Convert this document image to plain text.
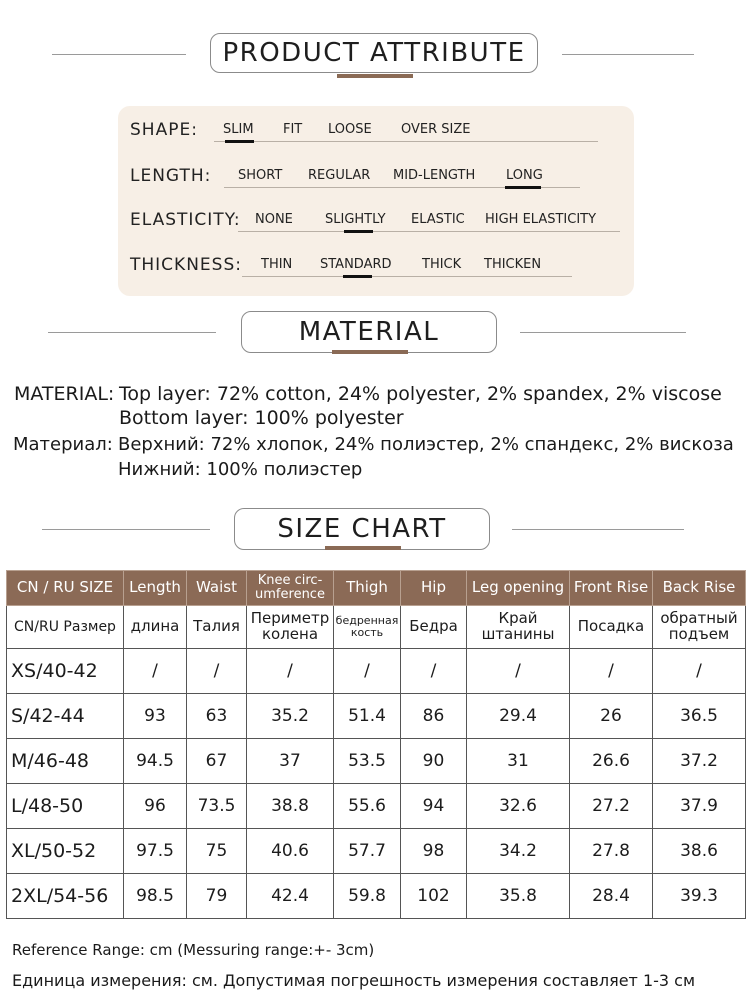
PRODUCT ATTRIBUTE
SHAPE: SLIM FIT LOOSE OVER SIZE
LENGTH: SHORT REGULAR MID-LENGTH LONG
ELASTICITY: NONE SLIGHTLY ELASTIC HIGH ELASTICITY
THICKNESS: THIN STANDARD THICK THICKEN
MATERIAL
MATERIAL: Top layer: 72% cotton, 24% polyester, 2% spandex, 2% viscose
Bottom layer: 100% polyester
Материал: Верхний: 72% хлопок, 24% полиэстер, 2% спандекс, 2% вискоза
Нижний: 100% полиэстер
SIZE CHART
CN / RU SIZE	Length	Waist	Knee circ-umference	Thigh	Hip	Leg opening	Front Rise	Back Rise
CN/RU Размер	длина	Талия	Периметр колена	бедренная кость	Бедра	Край штанины	Посадка	обратный подъем
XS/40-42	/	/	/	/	/	/	/	/
S/42-44	93	63	35.2	51.4	86	29.4	26	36.5
M/46-48	94.5	67	37	53.5	90	31	26.6	37.2
L/48-50	96	73.5	38.8	55.6	94	32.6	27.2	37.9
XL/50-52	97.5	75	40.6	57.7	98	34.2	27.8	38.6
2XL/54-56	98.5	79	42.4	59.8	102	35.8	28.4	39.3
Reference Range: cm (Messuring range:+- 3cm)
Единица измерения: см. Допустимая погрешность измерения составляет 1-3 см
